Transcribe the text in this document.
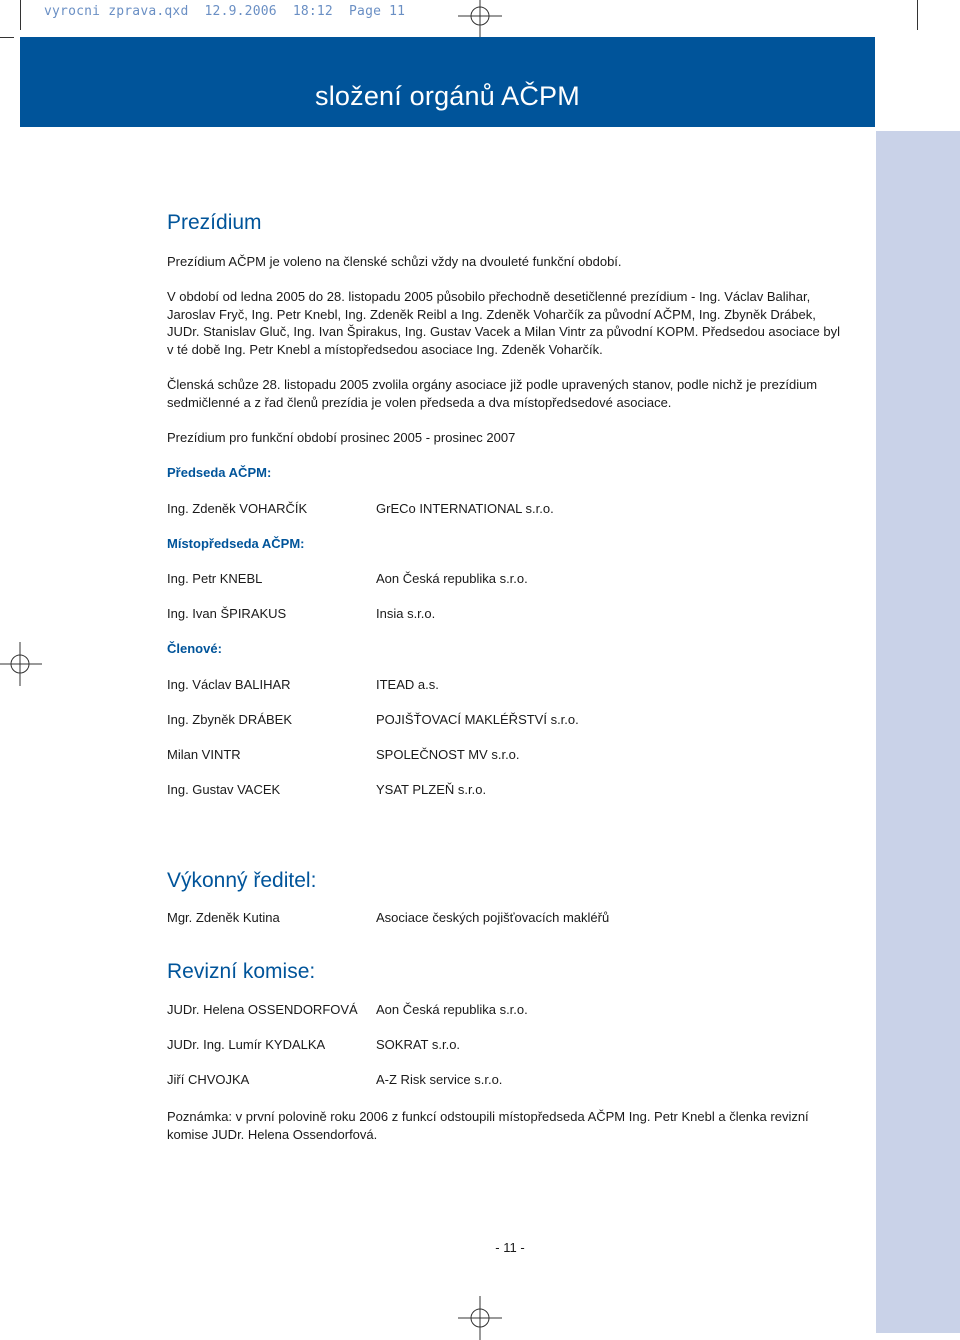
vyrocni zprava.qxd  12.9.2006  18:12  Page 11
složení orgánů AČPM
Prezídium
Prezídium AČPM je voleno na členské schůzi vždy na dvouleté funkční období.
V období od ledna 2005 do 28. listopadu 2005 působilo přechodně desetičlenné prezídium - Ing. Václav Balihar, Jaroslav Fryč, Ing. Petr Knebl, Ing. Zdeněk Reibl a Ing. Zdeněk Voharčík za původní AČPM, Ing. Zbyněk Drábek, JUDr. Stanislav Gluč, Ing. Ivan Špirakus, Ing. Gustav Vacek a Milan Vintr za původní KOPM. Předsedou asociace byl v té době Ing. Petr Knebl a místopředsedou asociace Ing. Zdeněk Voharčík.
Členská schůze 28. listopadu 2005 zvolila orgány asociace již podle upravených stanov, podle nichž je prezídium sedmičlenné a z řad členů prezídia je volen předseda a dva místopředsedové asociace.
Prezídium pro funkční období prosinec 2005 - prosinec 2007
Předseda AČPM:
Ing. Zdeněk VOHARČÍK	GrECo INTERNATIONAL s.r.o.
Místopředseda AČPM:
Ing. Petr KNEBL	Aon Česká republika s.r.o.
Ing. Ivan ŠPIRAKUS	Insia s.r.o.
Členové:
Ing. Václav BALIHAR	ITEAD a.s.
Ing. Zbyněk DRÁBEK	POJIŠŤOVACÍ MAKLÉŘSTVÍ s.r.o.
Milan VINTR	SPOLEČNOST MV s.r.o.
Ing. Gustav VACEK	YSAT PLZEŇ s.r.o.
Výkonný ředitel:
Mgr. Zdeněk Kutina	Asociace českých pojišťovacích makléřů
Revizní komise:
JUDr. Helena OSSENDORFOVÁ Aon Česká republika s.r.o.
JUDr. Ing. Lumír KYDALKA	SOKRAT s.r.o.
Jiří CHVOJKA	A-Z Risk service s.r.o.
Poznámka: v první polovině roku 2006 z funkcí odstoupili místopředseda AČPM Ing. Petr Knebl a členka revizní komise JUDr. Helena Ossendorfová.
- 11 -
